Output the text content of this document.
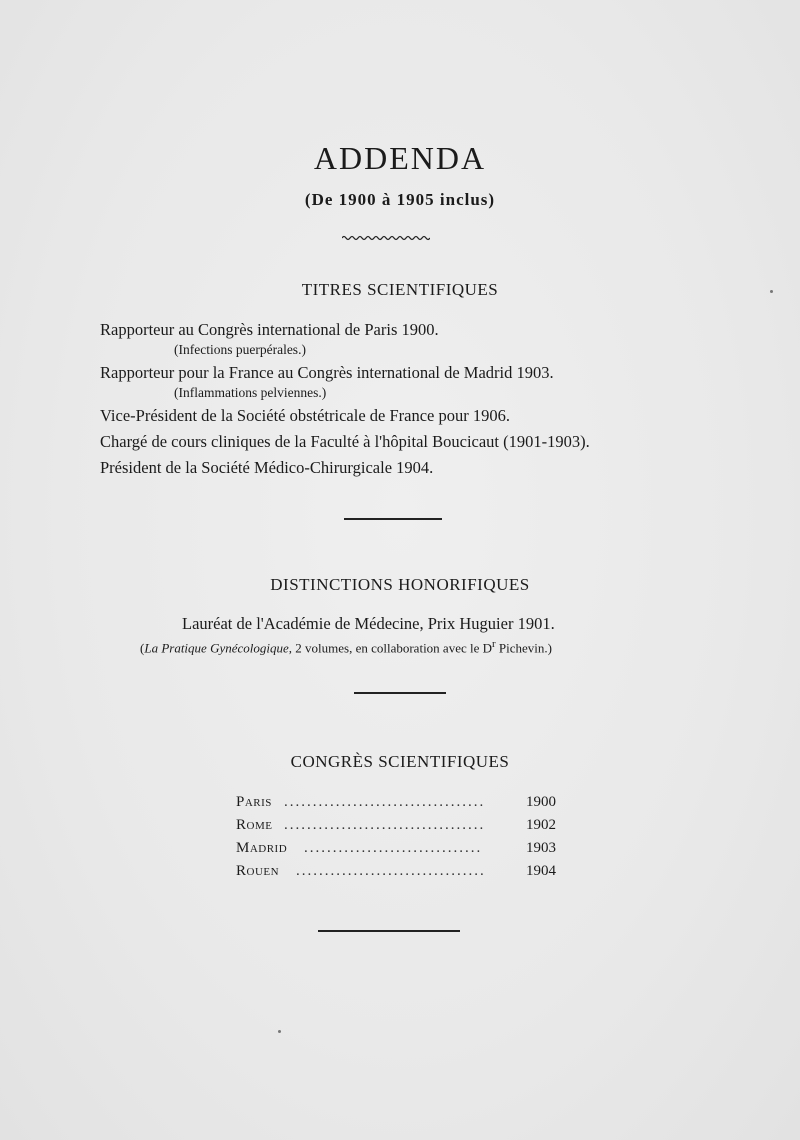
ADDENDA
(De 1900 à 1905 inclus)
TITRES SCIENTIFIQUES
Rapporteur au Congrès international de Paris 1900.
(Infections puerpérales.)
Rapporteur pour la France au Congrès international de Madrid 1903.
(Inflammations pelviennes.)
Vice-Président de la Société obstétricale de France pour 1906.
Chargé de cours cliniques de la Faculté à l'hôpital Boucicaut (1901-1903).
Président de la Société Médico-Chirurgicale 1904.
DISTINCTIONS HONORIFIQUES
Lauréat de l'Académie de Médecine, Prix Huguier 1901.
(La Pratique Gynécologique, 2 volumes, en collaboration avec le $D^r$ Pichevin.)
CONGRÈS SCIENTIFIQUES
Paris ...................................	1900
Rome ...................................	1902
Madrid ...............................	1903
Rouen .................................	1904
